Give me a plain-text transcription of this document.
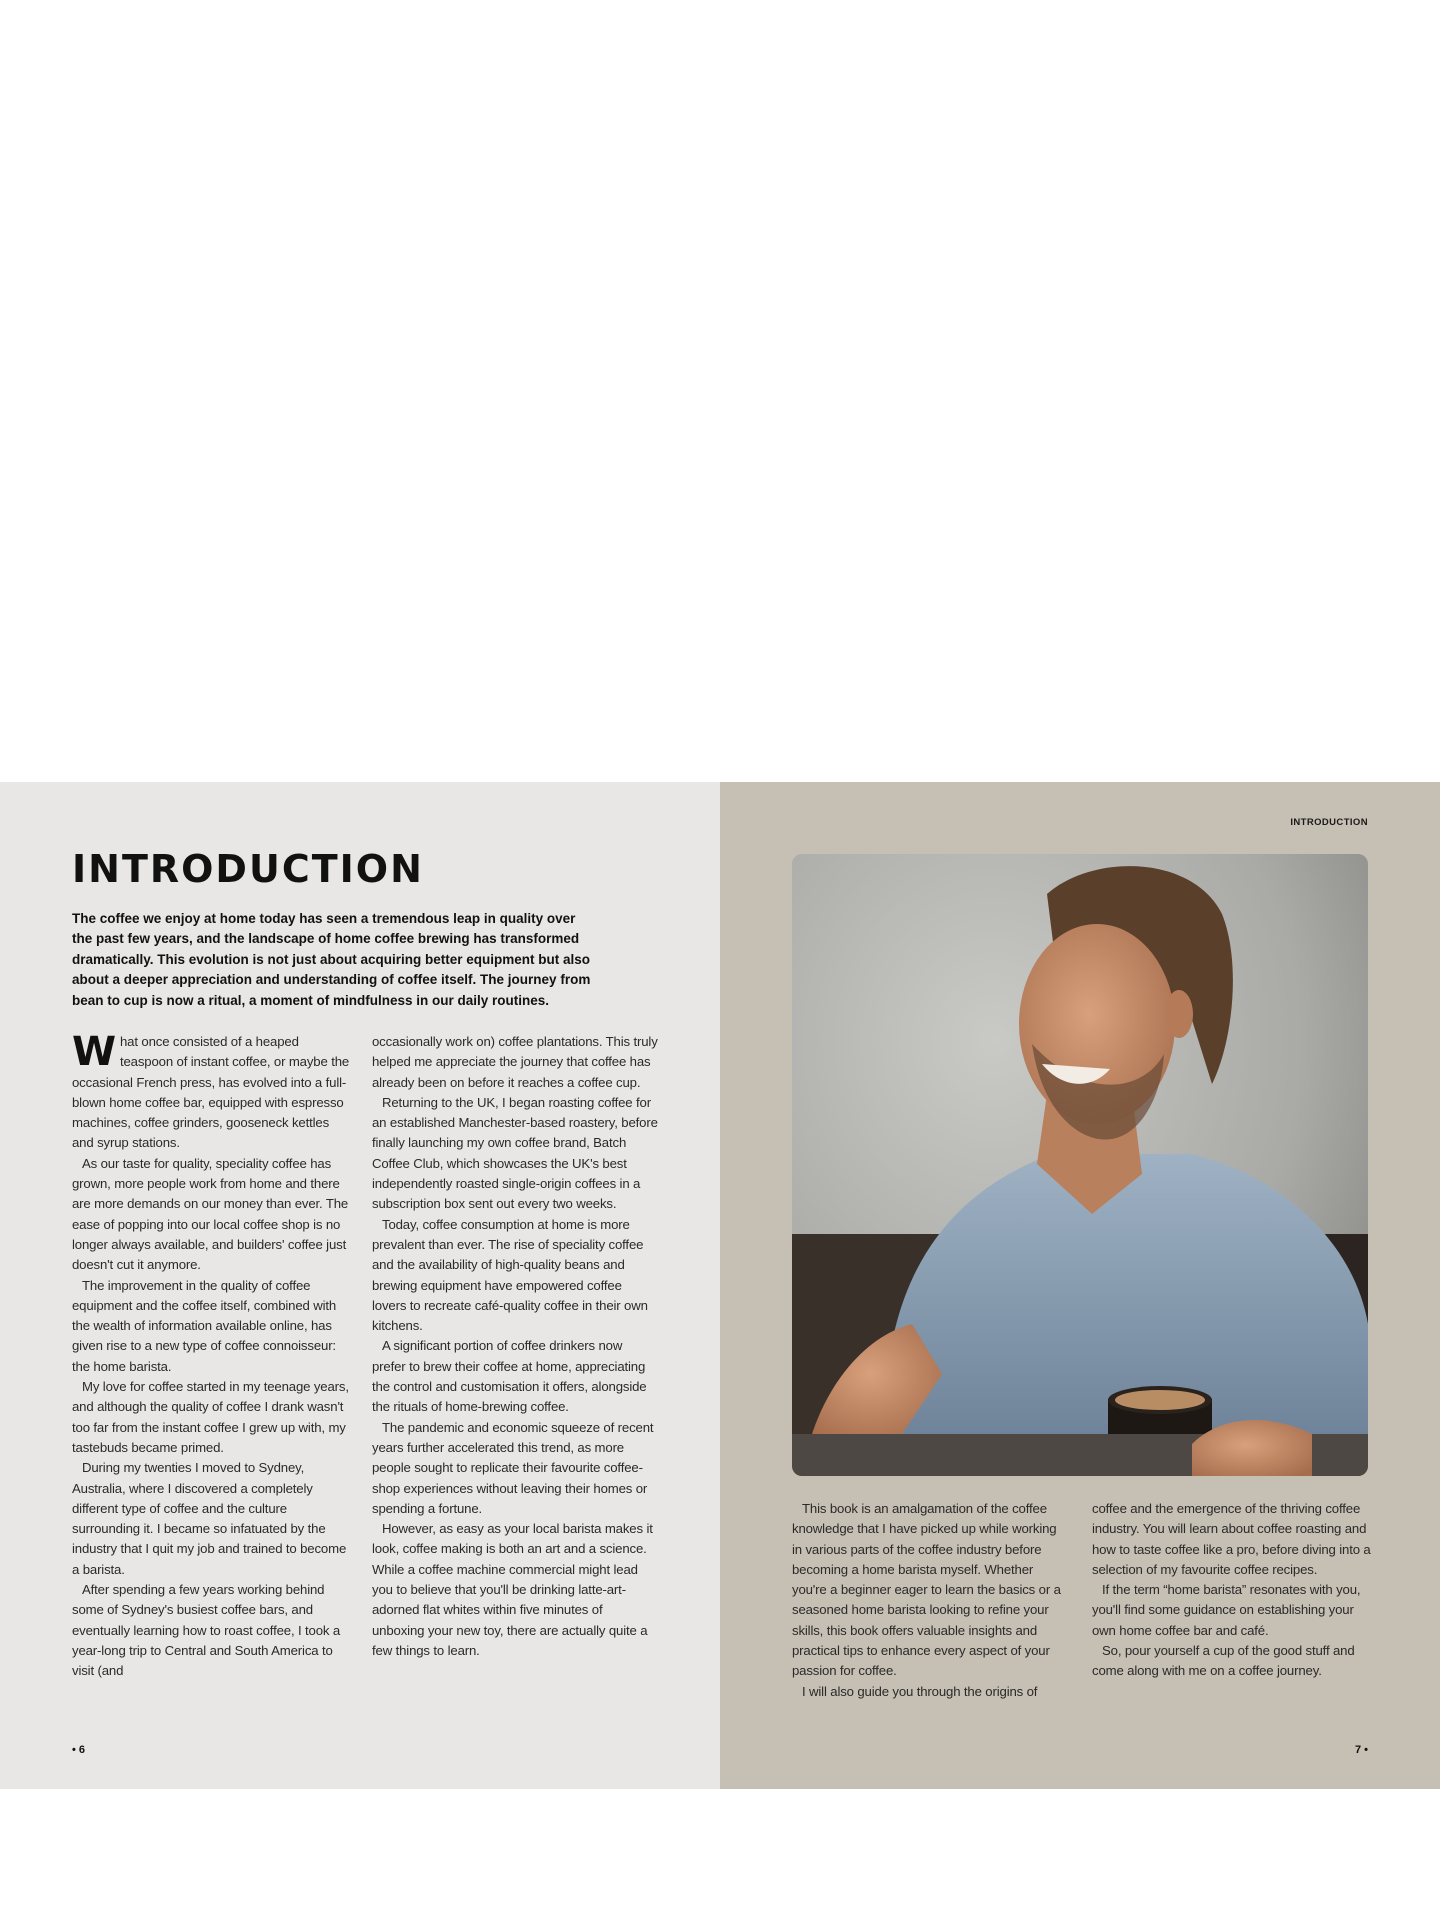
INTRODUCTION

The coffee we enjoy at home today has seen a tremendous leap in quality over the past few years, and the landscape of home coffee brewing has transformed dramatically. This evolution is not just about acquiring better equipment but also about a deeper appreciation and understanding of coffee itself. The journey from bean to cup is now a ritual, a moment of mindfulness in our daily routines.

What once consisted of a heaped teaspoon of instant coffee, or maybe the occasional French press, has evolved into a full-blown home coffee bar, equipped with espresso machines, coffee grinders, gooseneck kettles and syrup stations.

As our taste for quality, speciality coffee has grown, more people work from home and there are more demands on our money than ever. The ease of popping into our local coffee shop is no longer always available, and builders' coffee just doesn't cut it anymore.

The improvement in the quality of coffee equipment and the coffee itself, combined with the wealth of information available online, has given rise to a new type of coffee connoisseur: the home barista.

My love for coffee started in my teenage years, and although the quality of coffee I drank wasn't too far from the instant coffee I grew up with, my tastebuds became primed.

During my twenties I moved to Sydney, Australia, where I discovered a completely different type of coffee and the culture surrounding it. I became so infatuated by the industry that I quit my job and trained to become a barista.

After spending a few years working behind some of Sydney's busiest coffee bars, and eventually learning how to roast coffee, I took a year-long trip to Central and South America to visit (and

occasionally work on) coffee plantations. This truly helped me appreciate the journey that coffee has already been on before it reaches a coffee cup.

Returning to the UK, I began roasting coffee for an established Manchester-based roastery, before finally launching my own coffee brand, Batch Coffee Club, which showcases the UK's best independently roasted single-origin coffees in a subscription box sent out every two weeks.

Today, coffee consumption at home is more prevalent than ever. The rise of speciality coffee and the availability of high-quality beans and brewing equipment have empowered coffee lovers to recreate café-quality coffee in their own kitchens.

A significant portion of coffee drinkers now prefer to brew their coffee at home, appreciating the control and customisation it offers, alongside the rituals of home-brewing coffee.

The pandemic and economic squeeze of recent years further accelerated this trend, as more people sought to replicate their favourite coffee-shop experiences without leaving their homes or spending a fortune.

However, as easy as your local barista makes it look, coffee making is both an art and a science. While a coffee machine commercial might lead you to believe that you'll be drinking latte-art-adorned flat whites within five minutes of unboxing your new toy, there are actually quite a few things to learn.

• 6
INTRODUCTION

This book is an amalgamation of the coffee knowledge that I have picked up while working in various parts of the coffee industry before becoming a home barista myself. Whether you're a beginner eager to learn the basics or a seasoned home barista looking to refine your skills, this book offers valuable insights and practical tips to enhance every aspect of your passion for coffee.

I will also guide you through the origins of

coffee and the emergence of the thriving coffee industry. You will learn about coffee roasting and how to taste coffee like a pro, before diving into a selection of my favourite coffee recipes.

If the term “home barista” resonates with you, you'll find some guidance on establishing your own home coffee bar and café.

So, pour yourself a cup of the good stuff and come along with me on a coffee journey.

7 •
